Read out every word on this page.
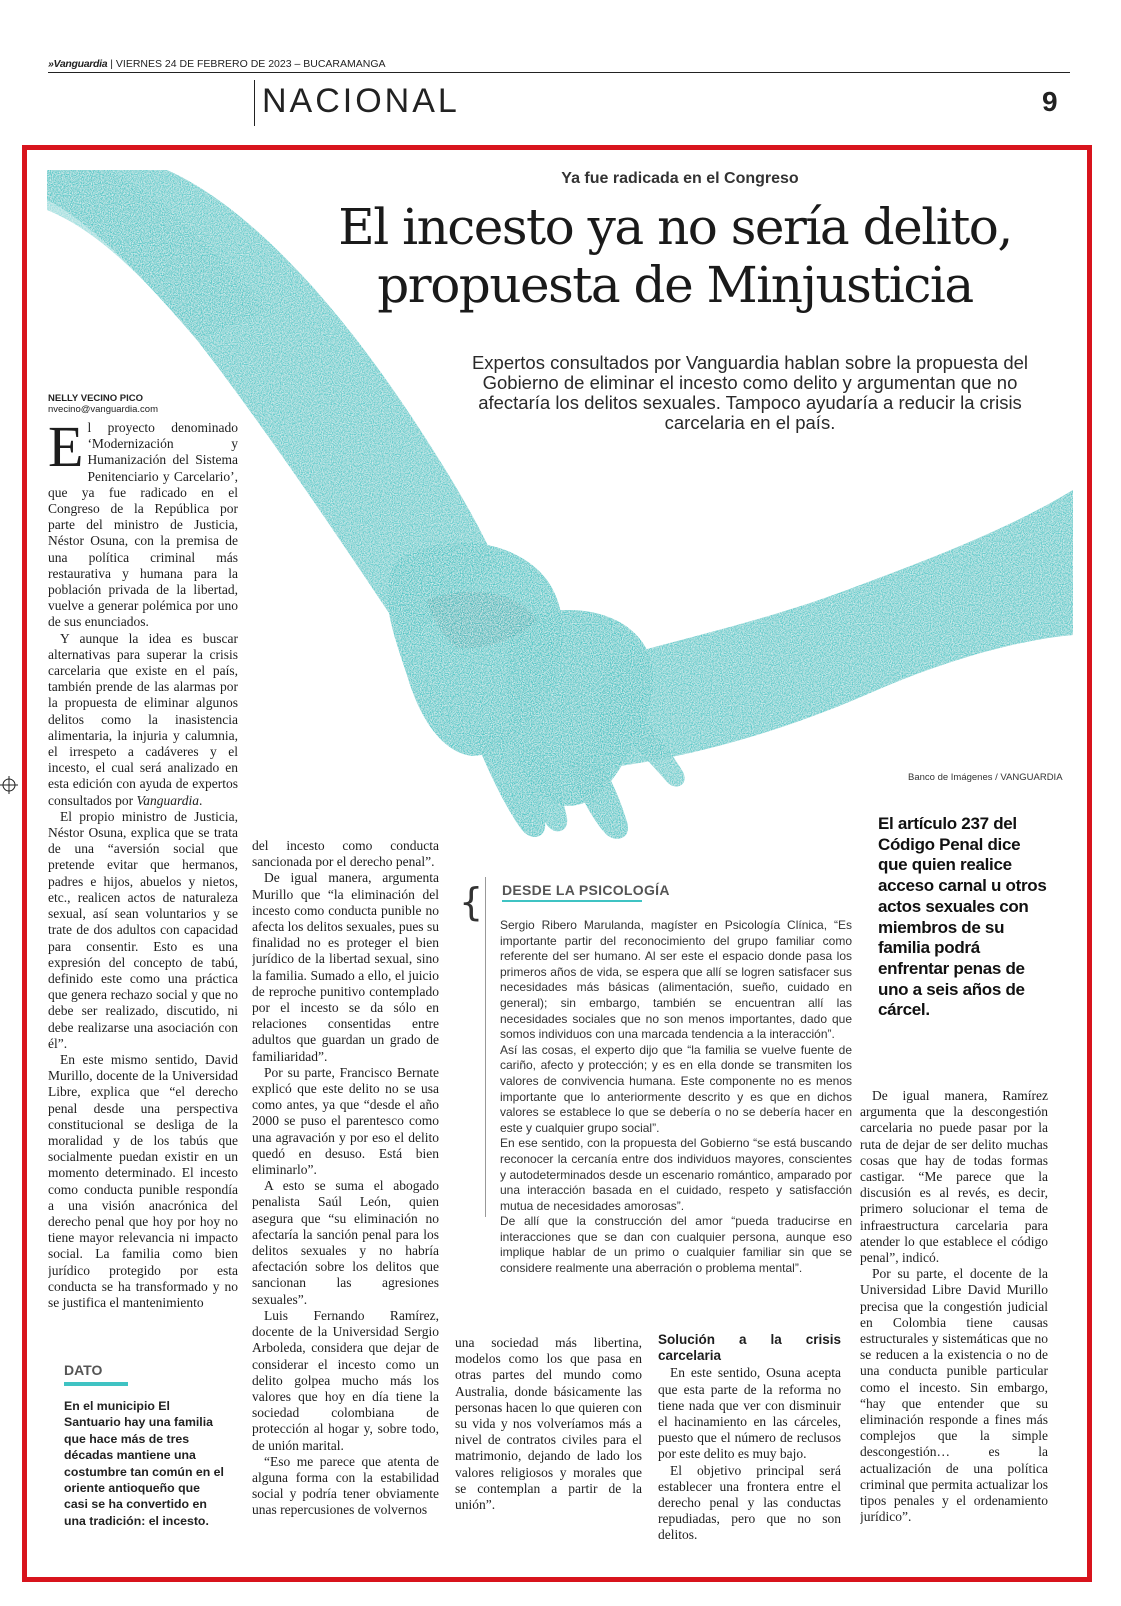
»Vanguardia | VIERNES 24 DE FEBRERO DE 2023 – BUCARAMANGA
NACIONAL	9
Ya fue radicada en el Congreso
El incesto ya no sería delito,
propuesta de Minjusticia
Expertos consultados por Vanguardia hablan sobre la propuesta del Gobierno de eliminar el incesto como delito y argumentan que no afectaría los delitos sexuales. Tampoco ayudaría a reducir la crisis carcelaria en el país.
Banco de Imágenes / VANGUARDIA
NELLY VECINO PICO
nvecino@vanguardia.com

El proyecto denominado ‘Modernización y Humanización del Sistema Penitenciario y Carcelario’, que ya fue radicado en el Congreso de la República por parte del ministro de Justicia, Néstor Osuna, con la premisa de una política criminal más restaurativa y humana para la población privada de la libertad, vuelve a generar polémica por uno de sus enunciados.

Y aunque la idea es buscar alternativas para superar la crisis carcelaria que existe en el país, también prende de las alarmas por la propuesta de eliminar algunos delitos como la inasistencia alimentaria, la injuria y calumnia, el irrespeto a cadáveres y el incesto, el cual será analizado en esta edición con ayuda de expertos consultados por Vanguardia.

El propio ministro de Justicia, Néstor Osuna, explica que se trata de una “aversión social que pretende evitar que hermanos, padres e hijos, abuelos y nietos, etc., realicen actos de naturaleza sexual, así sean voluntarios y se trate de dos adultos con capacidad para consentir. Esto es una expresión del concepto de tabú, definido este como una práctica que genera rechazo social y que no debe ser realizado, discutido, ni debe realizarse una asociación con él”.

En este mismo sentido, David Murillo, docente de la Universidad Libre, explica que “el derecho penal desde una perspectiva constitucional se desliga de la moralidad y de los tabús que socialmente puedan existir en un momento determinado. El incesto como conducta punible respondía a una visión anacrónica del derecho penal que hoy por hoy no tiene mayor relevancia ni impacto social. La familia como bien jurídico protegido por esta conducta se ha transformado y no se justifica el mantenimiento

del incesto como conducta sancionada por el derecho penal”.

De igual manera, argumenta Murillo que “la eliminación del incesto como conducta punible no afecta los delitos sexuales, pues su finalidad no es proteger el bien jurídico de la libertad sexual, sino la familia. Sumado a ello, el juicio de reproche punitivo contemplado por el incesto se da sólo en relaciones consentidas entre adultos que guardan un grado de familiaridad”.

Por su parte, Francisco Bernate explicó que este delito no se usa como antes, ya que “desde el año 2000 se puso el parentesco como una agravación y por eso el delito quedó en desuso. Está bien eliminarlo”.

A esto se suma el abogado penalista Saúl León, quien asegura que “su eliminación no afectaría la sanción penal para los delitos sexuales y no habría afectación sobre los delitos que sancionan las agresiones sexuales”.

Luis Fernando Ramírez, docente de la Universidad Sergio Arboleda, considera que dejar de considerar el incesto como un delito golpea mucho más los valores que hoy en día tiene la sociedad colombiana de protección al hogar y, sobre todo, de unión marital.

“Eso me parece que atenta de alguna forma con la estabilidad social y podría tener obviamente unas repercusiones de volvernos

{ DESDE LA PSICOLOGÍA

Sergio Ribero Marulanda, magíster en Psicología Clínica, “Es importante partir del reconocimiento del grupo familiar como referente del ser humano. Al ser este el espacio donde pasa los primeros años de vida, se espera que allí se logren satisfacer sus necesidades más básicas (alimentación, sueño, cuidado en general); sin embargo, también se encuentran allí las necesidades sociales que no son menos importantes, dado que somos individuos con una marcada tendencia a la interacción”.

Así las cosas, el experto dijo que “la familia se vuelve fuente de cariño, afecto y protección; y es en ella donde se transmiten los valores de convivencia humana. Este componente no es menos importante que lo anteriormente descrito y es que en dichos valores se establece lo que se debería o no se debería hacer en este y cualquier grupo social”.

En ese sentido, con la propuesta del Gobierno “se está buscando reconocer la cercanía entre dos individuos mayores, conscientes y autodeterminados desde un escenario romántico, amparado por una interacción basada en el cuidado, respeto y satisfacción mutua de necesidades amorosas”.

De allí que la construcción del amor “pueda traducirse en interacciones que se dan con cualquier persona, aunque eso implique hablar de un primo o cualquier familiar sin que se considere realmente una aberración o problema mental”.

una sociedad más libertina, modelos como los que pasa en otras partes del mundo como Australia, donde básicamente las personas hacen lo que quieren con su vida y nos volveríamos más a nivel de contratos civiles para el matrimonio, dejando de lado los valores religiosos y morales que se contemplan a partir de la unión”.

Solución a la crisis carcelaria

En este sentido, Osuna acepta que esta parte de la reforma no tiene nada que ver con disminuir el hacinamiento en las cárceles, puesto que el número de reclusos por este delito es muy bajo.

El objetivo principal será establecer una frontera entre el derecho penal y las conductas repudiadas, pero que no son delitos.

El artículo 237 del Código Penal dice que quien realice acceso carnal u otros actos sexuales con miembros de su familia podrá enfrentar penas de uno a seis años de cárcel.

De igual manera, Ramírez argumenta que la descongestión carcelaria no puede pasar por la ruta de dejar de ser delito muchas cosas que hay de todas formas castigar. “Me parece que la discusión es al revés, es decir, primero solucionar el tema de infraestructura carcelaria para atender lo que establece el código penal”, indicó.

Por su parte, el docente de la Universidad Libre David Murillo precisa que la congestión judicial en Colombia tiene causas estructurales y sistemáticas que no se reducen a la existencia o no de una conducta punible particular como el incesto. Sin embargo, “hay que entender que su eliminación responde a fines más complejos que la simple descongestión… es la actualización de una política criminal que permita actualizar los tipos penales y el ordenamiento jurídico”.

DATO
En el municipio El Santuario hay una familia que hace más de tres décadas mantiene una costumbre tan común en el oriente antioqueño que casi se ha convertido en una tradición: el incesto.
